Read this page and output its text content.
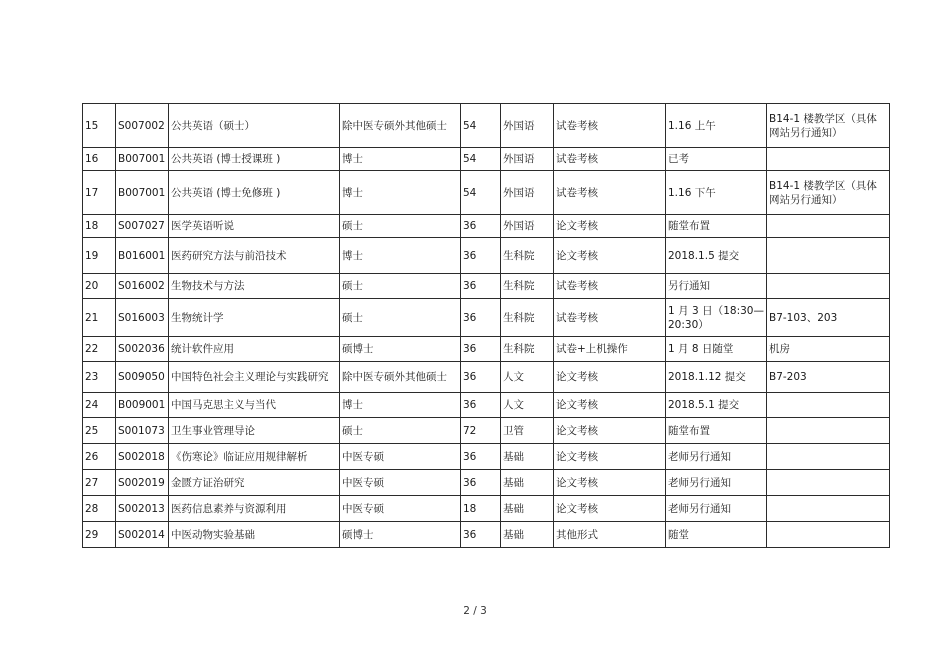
15	S007002	公共英语（硕士）	除中医专硕外其他硕士	54	外国语	试卷考核	1.16 上午	B14-1 楼教学区（具体网站另行通知）
16	B007001	公共英语 (博士授课班 )	博士	54	外国语	试卷考核	已考	
17	B007001	公共英语 (博士免修班 )	博士	54	外国语	试卷考核	1.16 下午	B14-1 楼教学区（具体网站另行通知）
18	S007027	医学英语听说	硕士	36	外国语	论文考核	随堂布置	
19	B016001	医药研究方法与前沿技术	博士	36	生科院	论文考核	2018.1.5 提交	
20	S016002	生物技术与方法	硕士	36	生科院	试卷考核	另行通知	
21	S016003	生物统计学	硕士	36	生科院	试卷考核	1 月 3 日（18:30—20:30）	B7-103、203
22	S002036	统计软件应用	硕博士	36	生科院	试卷+上机操作	1 月 8 日随堂	机房
23	S009050	中国特色社会主义理论与实践研究	除中医专硕外其他硕士	36	人文	论文考核	2018.1.12 提交	B7-203
24	B009001	中国马克思主义与当代	博士	36	人文	论文考核	2018.5.1 提交	
25	S001073	卫生事业管理导论	硕士	72	卫管	论文考核	随堂布置	
26	S002018	《伤寒论》临证应用规律解析	中医专硕	36	基础	论文考核	老师另行通知	
27	S002019	金匮方证治研究	中医专硕	36	基础	论文考核	老师另行通知	
28	S002013	医药信息素养与资源利用	中医专硕	18	基础	论文考核	老师另行通知	
29	S002014	中医动物实验基础	硕博士	36	基础	其他形式	随堂	
2 / 3
